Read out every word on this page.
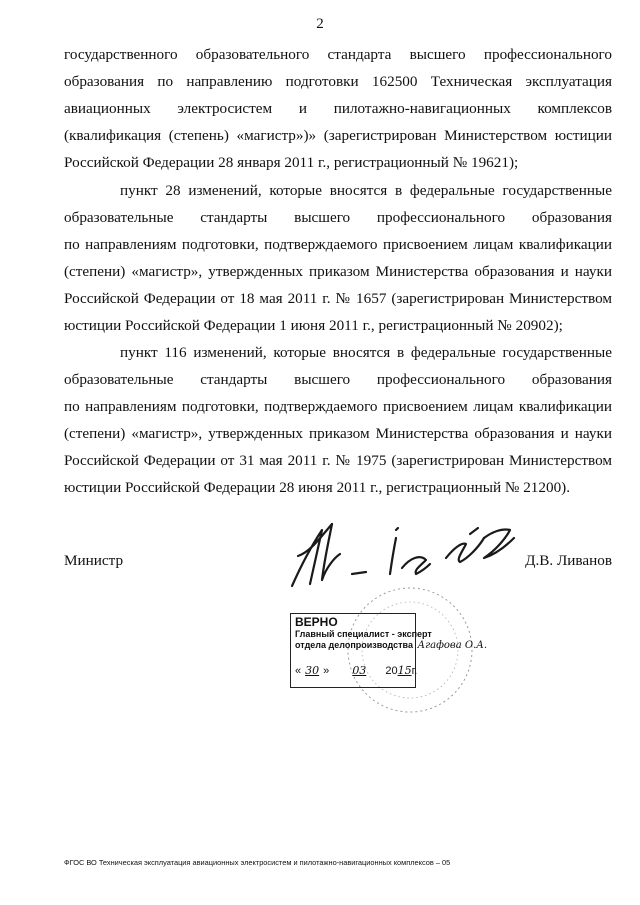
2

государственного образовательного стандарта высшего профессионального
образования по направлению подготовки 162500 Техническая эксплуатация
авиационных электросистем и пилотажно-навигационных комплексов
(квалификация (степень) «магистр»)» (зарегистрирован Министерством юстиции
Российской Федерации 28 января 2011 г., регистрационный № 19621);

пункт 28 изменений, которые вносятся в федеральные государственные
образовательные стандарты высшего профессионального образования
по направлениям подготовки, подтверждаемого присвоением лицам квалификации
(степени) «магистр», утвержденных приказом Министерства образования и науки
Российской Федерации от 18 мая 2011 г. № 1657 (зарегистрирован Министерством
юстиции Российской Федерации 1 июня 2011 г., регистрационный № 20902);

пункт 116 изменений, которые вносятся в федеральные государственные
образовательные стандарты высшего профессионального образования
по направлениям подготовки, подтверждаемого присвоением лицам квалификации
(степени) «магистр», утвержденных приказом Министерства образования и науки
Российской Федерации от 31 мая 2011 г. № 1975 (зарегистрирован Министерством
юстиции Российской Федерации 28 июня 2011 г., регистрационный № 21200).

Министр	Д.В. Ливанов
ВЕРНО
Главный специалист - эксперт
отдела делопроизводства Агафова О.А.
« 30 » 03 2015г.
ФГОС ВО Техническая эксплуатация авиационных электросистем и пилотажно-навигационных комплексов – 05
